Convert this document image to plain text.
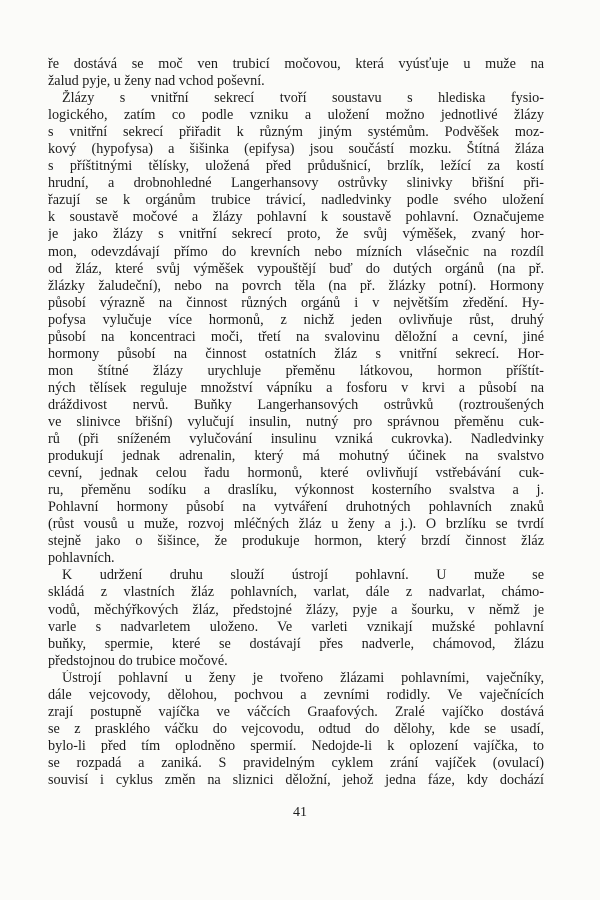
ře dostává se moč ven trubicí močovou, která vyúsťuje u muže na
žalud pyje, u ženy nad vchod poševní.
Žlázy s vnitřní sekrecí tvoří soustavu s hlediska fysio-
logického, zatím co podle vzniku a uložení možno jednotlivé žlázy
s vnitřní sekrecí přiřadit k různým jiným systémům. Podvěšek moz-
kový (hypofysa) a šišinka (epifysa) jsou součástí mozku. Štítná žláza
s příštitnými tělísky, uložená před průdušnicí, brzlík, ležící za kostí
hrudní, a drobnohledné Langerhansovy ostrůvky slinivky břišní při-
řazují se k orgánům trubice trávicí, nadledvinky podle svého uložení
k soustavě močové a žlázy pohlavní k soustavě pohlavní. Označujeme
je jako žlázy s vnitřní sekrecí proto, že svůj výměšek, zvaný hor-
mon, odevzdávají přímo do krevních nebo mízních vlásečnic na rozdíl
od žláz, které svůj výměšek vypouštějí buď do dutých orgánů (na př.
žlázky žaludeční), nebo na povrch těla (na př. žlázky potní). Hormony
působí výrazně na činnost různých orgánů i v největším zředění. Hy-
pofysa vylučuje více hormonů, z nichž jeden ovlivňuje růst, druhý
působí na koncentraci moči, třetí na svalovinu děložní a cevní, jiné
hormony působí na činnost ostatních žláz s vnitřní sekrecí. Hor-
mon štítné žlázy urychluje přeměnu látkovou, hormon příštít-
ných tělísek reguluje množství vápníku a fosforu v krvi a působí na
dráždivost nervů. Buňky Langerhansových ostrůvků (roztroušených
ve slinivce břišní) vylučují insulin, nutný pro správnou přeměnu cuk-
rů (při sníženém vylučování insulinu vzniká cukrovka). Nadledvinky
produkují jednak adrenalin, který má mohutný účinek na svalstvo
cevní, jednak celou řadu hormonů, které ovlivňují vstřebávání cuk-
ru, přeměnu sodíku a draslíku, výkonnost kosterního svalstva a j.
Pohlavní hormony působí na vytváření druhotných pohlavních znaků
(růst vousů u muže, rozvoj mléčných žláz u ženy a j.). O brzlíku se tvrdí
stejně jako o šišince, že produkuje hormon, který brzdí činnost žláz
pohlavních.
K udržení druhu slouží ústrojí pohlavní. U muže se
skládá z vlastních žláz pohlavních, varlat, dále z nadvarlat, chámo-
vodů, měchýřkových žláz, předstojné žlázy, pyje a šourku, v němž je
varle s nadvarletem uloženo. Ve varleti vznikají mužské pohlavní
buňky, spermie, které se dostávají přes nadverle, chámovod, žlázu
předstojnou do trubice močové.
Ústrojí pohlavní u ženy je tvořeno žlázami pohlavními, vaječníky,
dále vejcovody, dělohou, pochvou a zevními rodidly. Ve vaječnících
zrají postupně vajíčka ve váčcích Graafových. Zralé vajíčko dostává
se z prasklého váčku do vejcovodu, odtud do dělohy, kde se usadí,
bylo-li před tím oplodněno spermií. Nedojde-li k oplození vajíčka, to
se rozpadá a zaniká. S pravidelným cyklem zrání vajíček (ovulací)
souvisí i cyklus změn na sliznici děložní, jehož jedna fáze, kdy dochází
41
